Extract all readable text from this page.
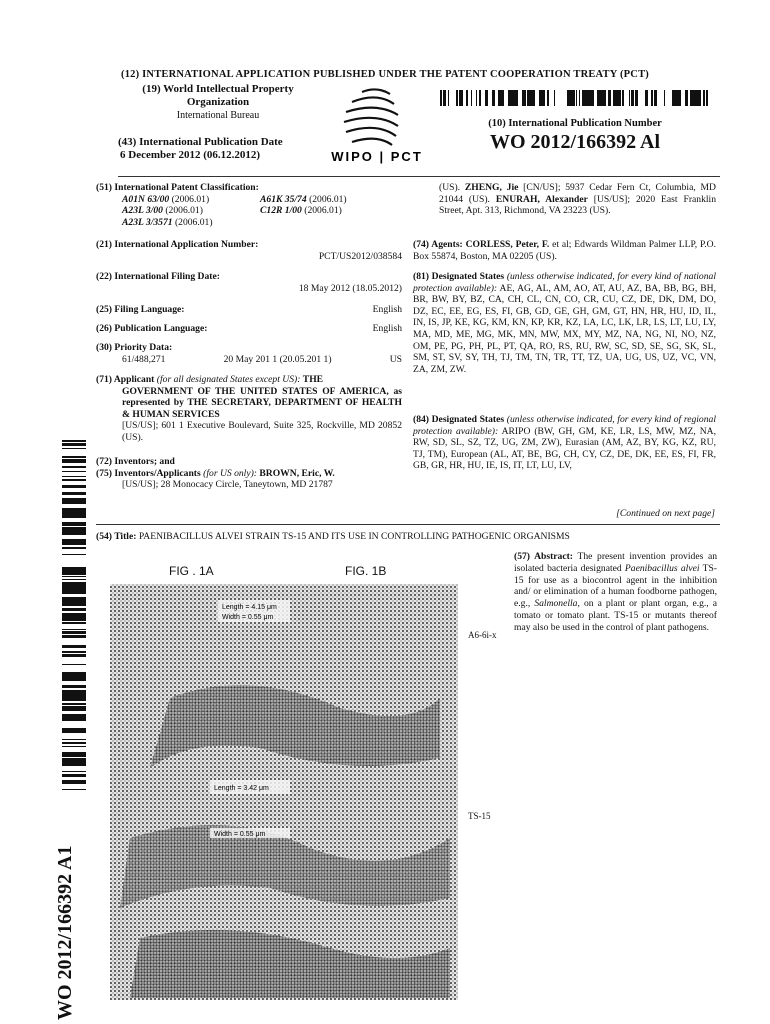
(12) INTERNATIONAL APPLICATION PUBLISHED UNDER THE PATENT COOPERATION TREATY (PCT)
(19) World Intellectual Property
Organization
International Bureau
WIPO | PCT
(10) International Publication Number
WO 2012/166392 Al
(43) International Publication Date
6 December 2012 (06.12.2012)
(51) International Patent Classification:
A01N 63/00 (2006.01)	A61K 35/74 (2006.01)
A23L 3/00 (2006.01)	C12R 1/00 (2006.01)
A23L 3/3571 (2006.01)
(21) International Application Number:
PCT/US2012/038584
(22) International Filing Date:
18 May 2012 (18.05.2012)
(25) Filing Language:	English
(26) Publication Language:	English
(30) Priority Data:
61/488,271	20 May 201 1 (20.05.201 1)	US
(71) Applicant (for all designated States except US): THE
GOVERNMENT OF THE UNITED STATES OF AMERICA, as represented by THE SECRETARY, DEPARTMENT OF HEALTH & HUMAN SERVICES
[US/US]; 601 1 Executive Boulevard, Suite 325, Rockville, MD 20852 (US).
(72) Inventors; and
(75) Inventors/Applicants (for US only): BROWN, Eric, W.
[US/US]; 28 Monocacy Circle, Taneytown, MD 21787
(US). ZHENG, Jie [CN/US]; 5937 Cedar Fern Ct, Columbia, MD 21044 (US). ENURAH, Alexander [US/US]; 2020 East Franklin Street, Apt. 313, Richmond, VA 23223 (US).
(74) Agents: CORLESS, Peter, F. et al; Edwards Wildman Palmer LLP, P.O. Box 55874, Boston, MA 02205 (US).
(81) Designated States (unless otherwise indicated, for every kind of national protection available): AE, AG, AL, AM, AO, AT, AU, AZ, BA, BB, BG, BH, BR, BW, BY, BZ, CA, CH, CL, CN, CO, CR, CU, CZ, DE, DK, DM, DO, DZ, EC, EE, EG, ES, FI, GB, GD, GE, GH, GM, GT, HN, HR, HU, ID, IL, IN, IS, JP, KE, KG, KM, KN, KP, KR, KZ, LA, LC, LK, LR, LS, LT, LU, LY, MA, MD, ME, MG, MK, MN, MW, MX, MY, MZ, NA, NG, NI, NO, NZ, OM, PE, PG, PH, PL, PT, QA, RO, RS, RU, RW, SC, SD, SE, SG, SK, SL, SM, ST, SV, SY, TH, TJ, TM, TN, TR, TT, TZ, UA, UG, US, UZ, VC, VN, ZA, ZM, ZW.
(84) Designated States (unless otherwise indicated, for every kind of regional protection available): ARIPO (BW, GH, GM, KE, LR, LS, MW, MZ, NA, RW, SD, SL, SZ, TZ, UG, ZM, ZW), Eurasian (AM, AZ, BY, KG, KZ, RU, TJ, TM), European (AL, AT, BE, BG, CH, CY, CZ, DE, DK, EE, ES, FI, FR, GB, GR, HR, HU, IE, IS, IT, LT, LU, LV,
[Continued on next page]
(54) Title: PAENIBACILLUS ALVEI STRAIN TS-15 AND ITS USE IN CONTROLLING PATHOGENIC ORGANISMS
Length = 4.15 μm
Width = 0.55 μm
Length = 3.42 μm
Width = 0.55 μm
FIG . 1A	FIG. 1B
A6-6i-x
TS-15
(57) Abstract: The present invention provides an isolated bacteria designated Paenibacillus alvei TS-15 for use as a biocontrol agent in the inhibition and/ or elimination of a human foodborne pathogen, e.g., Salmonella, on a plant or plant organ, e.g., a tomato or tomato plant. TS-15 or mutants thereof may also be used in the control of plant pathogens.
WO 2012/166392 A1
